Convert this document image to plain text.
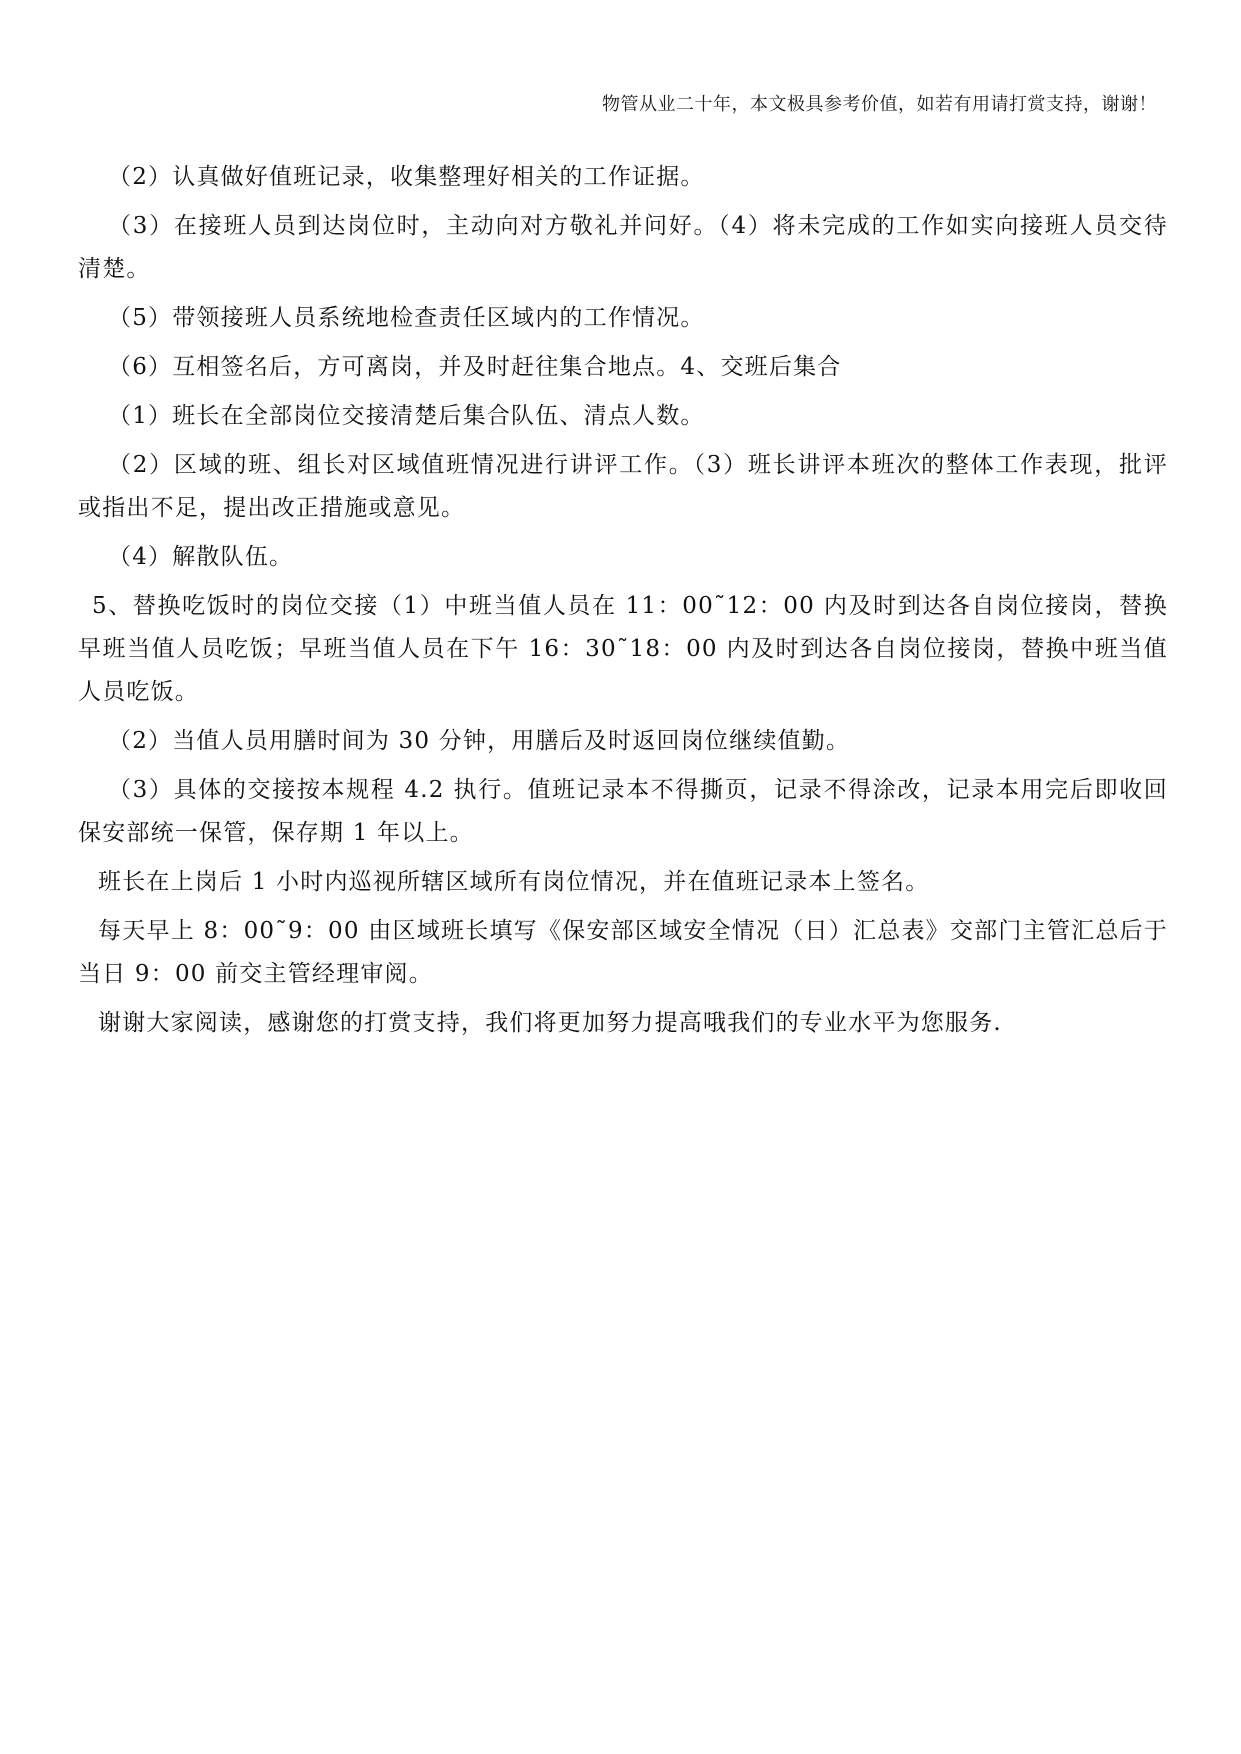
物管从业二十年，本文极具参考价值，如若有用请打赏支持，谢谢！

（2）认真做好值班记录，收集整理好相关的工作证据。

（3）在接班人员到达岗位时，主动向对方敬礼并问好。（4）将未完成的工作如实向接班人员交待清楚。

（5）带领接班人员系统地检查责任区域内的工作情况。

（6）互相签名后，方可离岗，并及时赶往集合地点。4、交班后集合

（1）班长在全部岗位交接清楚后集合队伍、清点人数。

（2）区域的班、组长对区域值班情况进行讲评工作。（3）班长讲评本班次的整体工作表现，批评或指出不足，提出改正措施或意见。

（4）解散队伍。

5、替换吃饭时的岗位交接（1）中班当值人员在 11：00˜12：00 内及时到达各自岗位接岗，替换早班当值人员吃饭；早班当值人员在下午 16：30˜18：00 内及时到达各自岗位接岗，替换中班当值人员吃饭。

（2）当值人员用膳时间为 30 分钟，用膳后及时返回岗位继续值勤。

（3）具体的交接按本规程 4.2 执行。值班记录本不得撕页，记录不得涂改，记录本用完后即收回保安部统一保管，保存期 1 年以上。

班长在上岗后 1 小时内巡视所辖区域所有岗位情况，并在值班记录本上签名。

每天早上 8：00˜9：00 由区域班长填写《保安部区域安全情况（日）汇总表》交部门主管汇总后于当日 9：00 前交主管经理审阅。

谢谢大家阅读，感谢您的打赏支持，我们将更加努力提高哦我们的专业水平为您服务.
